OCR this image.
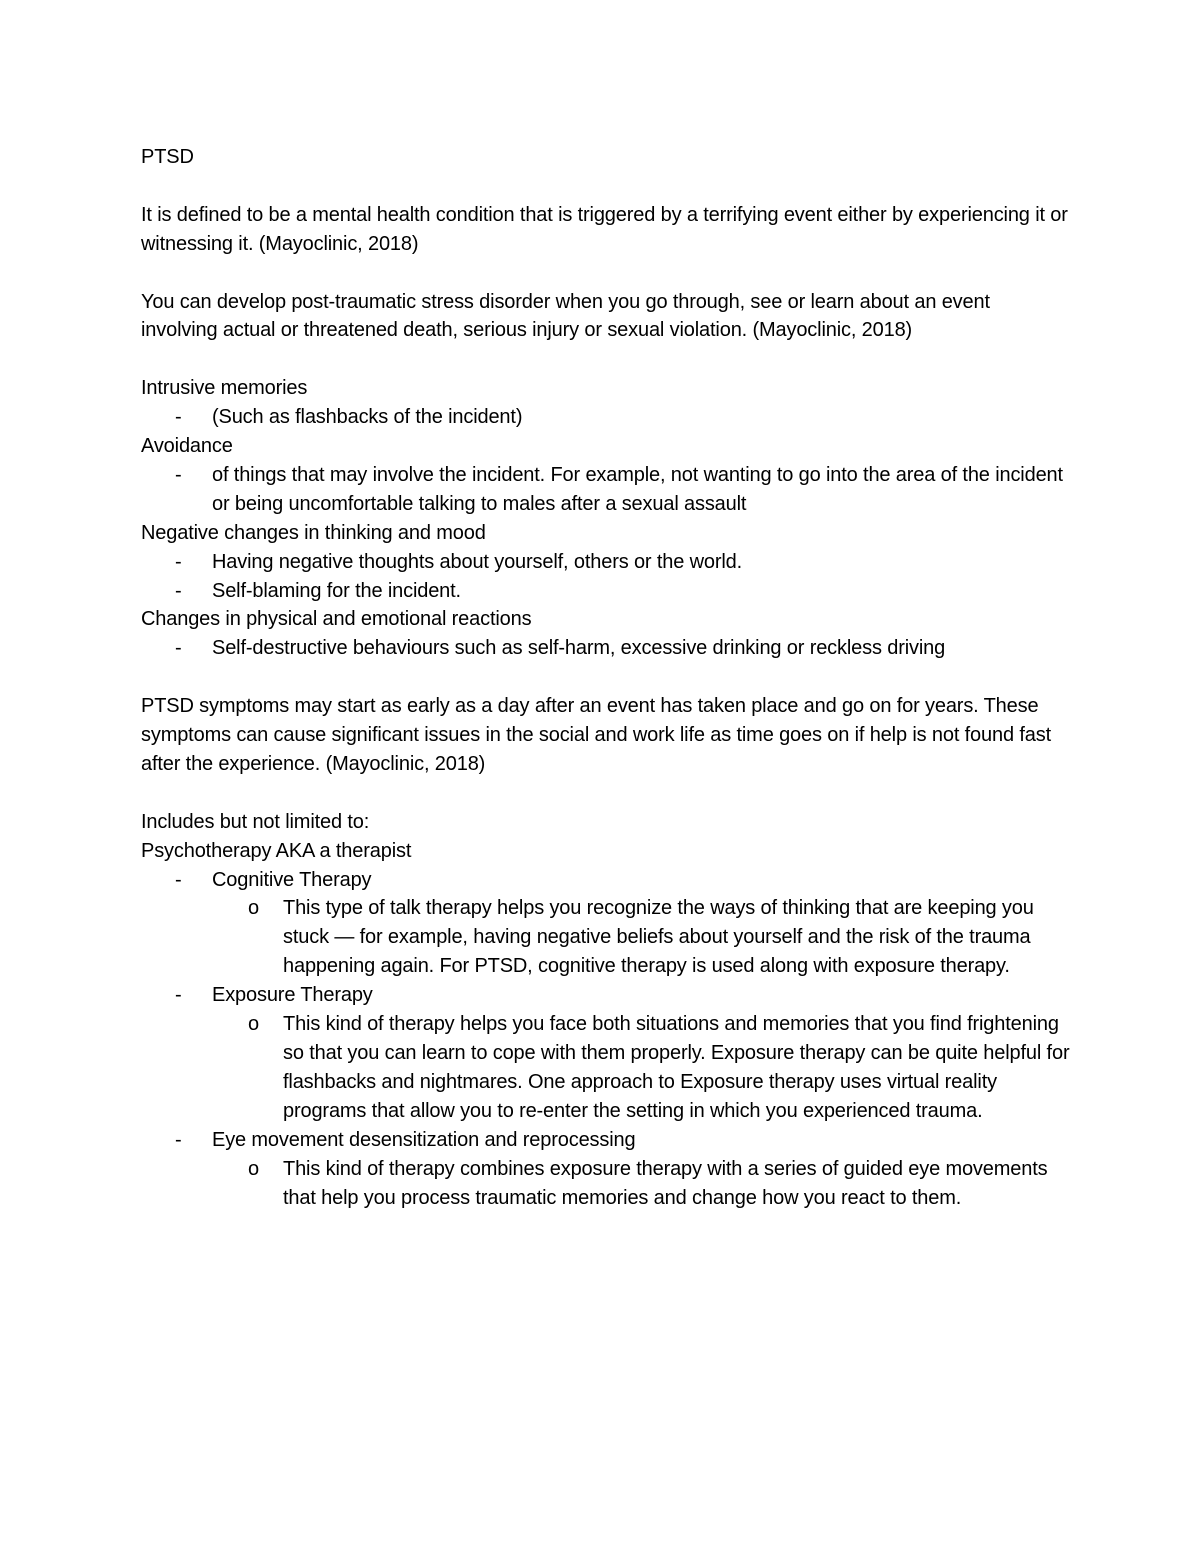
PTSD

It is defined to be a mental health condition that is triggered by a terrifying event either by experiencing it or witnessing it. (Mayoclinic, 2018)

You can develop post-traumatic stress disorder when you go through, see or learn about an event involving actual or threatened death, serious injury or sexual violation. (Mayoclinic, 2018)

Intrusive memories

-	(Such as flashbacks of the incident)

Avoidance

-	of things that may involve the incident. For example, not wanting to go into the area of the incident or being uncomfortable talking to males after a sexual assault

Negative changes in thinking and mood

-	Having negative thoughts about yourself, others or the world.
-	Self-blaming for the incident.

Changes in physical and emotional reactions

-	Self-destructive behaviours such as self-harm, excessive drinking or reckless driving

PTSD symptoms may start as early as a day after an event has taken place and go on for years. These symptoms can cause significant issues in the social and work life as time goes on if help is not found fast after the experience. (Mayoclinic, 2018)

Includes but not limited to:

Psychotherapy AKA a therapist

-	Cognitive Therapy
o	This type of talk therapy helps you recognize the ways of thinking that are keeping you stuck — for example, having negative beliefs about yourself and the risk of the trauma happening again. For PTSD, cognitive therapy is used along with exposure therapy.
-	Exposure Therapy
o	This kind of therapy helps you face both situations and memories that you find frightening so that you can learn to cope with them properly. Exposure therapy can be quite helpful for flashbacks and nightmares. One approach to Exposure therapy uses virtual reality programs that allow you to re-enter the setting in which you experienced trauma.
-	Eye movement desensitization and reprocessing
o	This kind of therapy combines exposure therapy with a series of guided eye movements that help you process traumatic memories and change how you react to them.
